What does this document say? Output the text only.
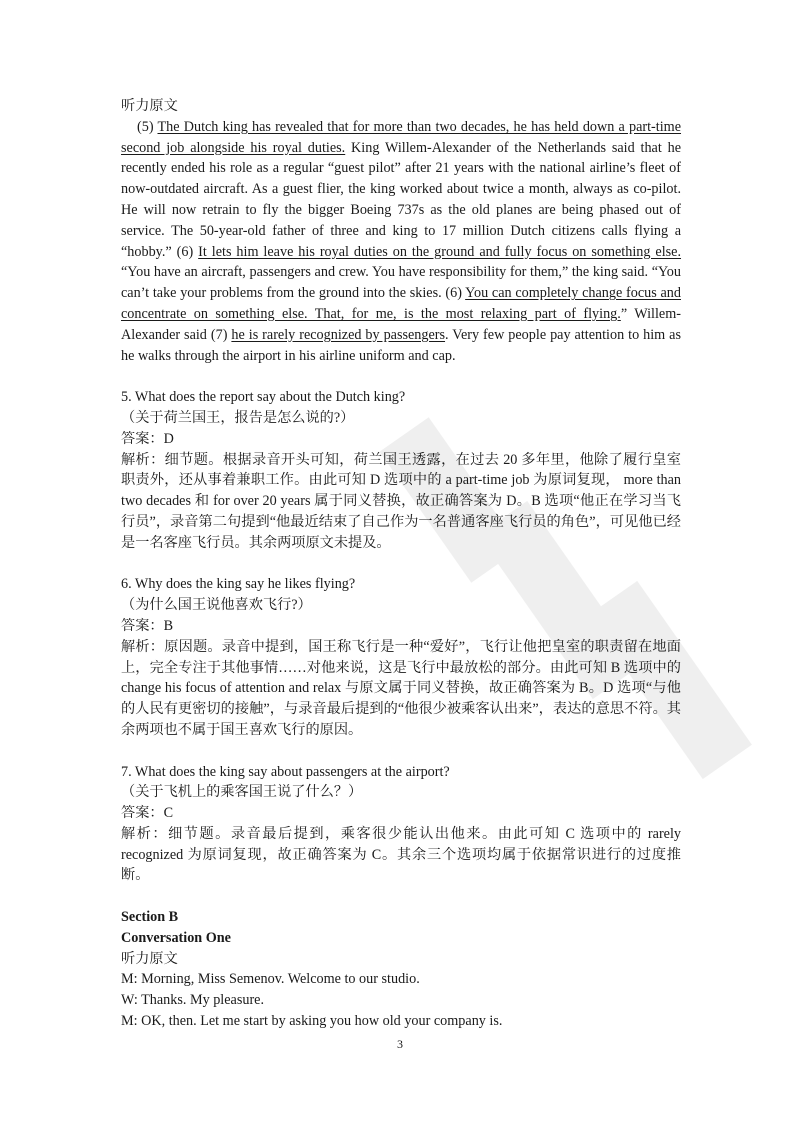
听力原文

(5) The Dutch king has revealed that for more than two decades, he has held down a part-time second job alongside his royal duties. King Willem-Alexander of the Netherlands said that he recently ended his role as a regular “guest pilot” after 21 years with the national airline’s fleet of now-outdated aircraft. As a guest flier, the king worked about twice a month, always as co-pilot. He will now retrain to fly the bigger Boeing 737s as the old planes are being phased out of service. The 50-year-old father of three and king to 17 million Dutch citizens calls flying a “hobby.” (6) It lets him leave his royal duties on the ground and fully focus on something else. “You have an aircraft, passengers and crew. You have responsibility for them,” the king said. “You can’t take your problems from the ground into the skies. (6) You can completely change focus and concentrate on something else. That, for me, is the most relaxing part of flying.” Willem-Alexander said (7) he is rarely recognized by passengers. Very few people pay attention to him as he walks through the airport in his airline uniform and cap.

5. What does the report say about the Dutch king?

（关于荷兰国王，报告是怎么说的?）

答案：D

解析：细节题。根据录音开头可知，荷兰国王透露，在过去 20 多年里，他除了履行皇室职责外，还从事着兼职工作。由此可知 D 选项中的 a part-time job 为原词复现， more than two decades 和 for over 20 years 属于同义替换，故正确答案为 D。B 选项“他正在学习当飞行员”，录音第二句提到“他最近结束了自己作为一名普通客座飞行员的角色”，可见他已经是一名客座飞行员。其余两项原文未提及。

6. Why does the king say he likes flying?

（为什么国王说他喜欢飞行?）

答案：B

解析：原因题。录音中提到，国王称飞行是一种“爱好”，飞行让他把皇室的职责留在地面上，完全专注于其他事情……对他来说，这是飞行中最放松的部分。由此可知 B 选项中的 change his focus of attention and relax 与原文属于同义替换，故正确答案为 B。D 选项“与他的人民有更密切的接触”，与录音最后提到的“他很少被乘客认出来”，表达的意思不符。其余两项也不属于国王喜欢飞行的原因。

7. What does the king say about passengers at the airport?

（关于飞机上的乘客国王说了什么？）

答案：C

解析：细节题。录音最后提到，乘客很少能认出他来。由此可知 C 选项中的 rarely recognized 为原词复现，故正确答案为 C。其余三个选项均属于依据常识进行的过度推断。

Section B

Conversation One

听力原文

M: Morning, Miss Semenov. Welcome to our studio.

W: Thanks. My pleasure.

M: OK, then. Let me start by asking you how old your company is.

3
